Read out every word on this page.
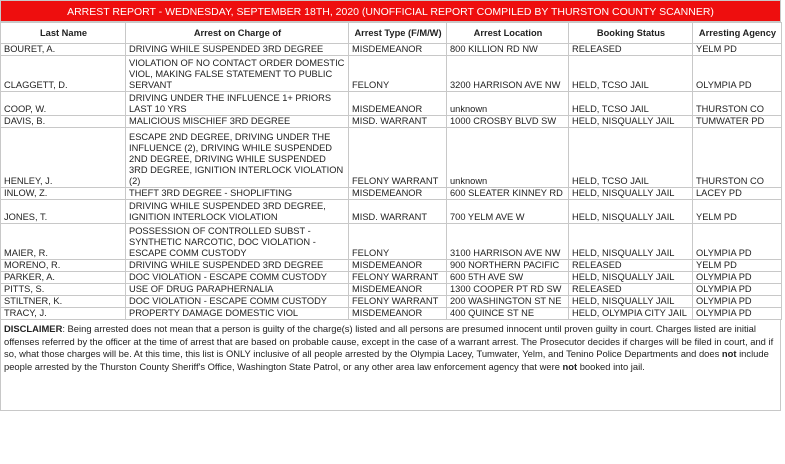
ARREST REPORT - WEDNESDAY, SEPTEMBER 18TH, 2020 (UNOFFICIAL REPORT COMPILED BY THURSTON COUNTY SCANNER)
Last Name	Arrest on Charge of	Arrest Type (F/M/W)	Arrest Location	Booking Status	Arresting Agency
BOURET, A.	DRIVING WHILE SUSPENDED 3RD DEGREE	MISDEMEANOR	800 KILLION RD NW	RELEASED	YELM PD
CLAGGETT, D.	VIOLATION OF NO CONTACT ORDER DOMESTIC VIOL, MAKING FALSE STATEMENT TO PUBLIC SERVANT	FELONY	3200 HARRISON AVE NW	HELD, TCSO JAIL	OLYMPIA PD
COOP, W.	DRIVING UNDER THE INFLUENCE 1+ PRIORS LAST 10 YRS	MISDEMEANOR	unknown	HELD, TCSO JAIL	THURSTON CO
DAVIS, B.	MALICIOUS MISCHIEF 3RD DEGREE	MISD. WARRANT	1000 CROSBY BLVD SW	HELD, NISQUALLY JAIL	TUMWATER PD
HENLEY, J.	ESCAPE 2ND DEGREE, DRIVING UNDER THE INFLUENCE (2), DRIVING WHILE SUSPENDED 2ND DEGREE, DRIVING WHILE SUSPENDED 3RD DEGREE, IGNITION INTERLOCK VIOLATION (2)	FELONY WARRANT	unknown	HELD, TCSO JAIL	THURSTON CO
INLOW, Z.	THEFT 3RD DEGREE - SHOPLIFTING	MISDEMEANOR	600 SLEATER KINNEY RD	HELD, NISQUALLY JAIL	LACEY PD
JONES, T.	DRIVING WHILE SUSPENDED 3RD DEGREE, IGNITION INTERLOCK VIOLATION	MISD. WARRANT	700 YELM AVE W	HELD, NISQUALLY JAIL	YELM PD
MAIER, R.	POSSESSION OF CONTROLLED SUBST - SYNTHETIC NARCOTIC, DOC VIOLATION - ESCAPE COMM CUSTODY	FELONY	3100 HARRISON AVE NW	HELD, NISQUALLY JAIL	OLYMPIA PD
MORENO, R.	DRIVING WHILE SUSPENDED 3RD DEGREE	MISDEMEANOR	900 NORTHERN PACIFIC	RELEASED	YELM PD
PARKER, A.	DOC VIOLATION - ESCAPE COMM CUSTODY	FELONY WARRANT	600 5TH AVE SW	HELD, NISQUALLY JAIL	OLYMPIA PD
PITTS, S.	USE OF DRUG PARAPHERNALIA	MISDEMEANOR	1300 COOPER PT RD SW	RELEASED	OLYMPIA PD
STILTNER, K.	DOC VIOLATION - ESCAPE COMM CUSTODY	FELONY WARRANT	200 WASHINGTON ST NE	HELD, NISQUALLY JAIL	OLYMPIA PD
TRACY, J.	PROPERTY DAMAGE DOMESTIC VIOL	MISDEMEANOR	400 QUINCE ST NE	HELD, OLYMPIA CITY JAIL	OLYMPIA PD
DISCLAIMER: Being arrested does not mean that a person is guilty of the charge(s) listed and all persons are presumed innocent until proven guilty in court. Charges listed are initial offenses referred by the officer at the time of arrest that are based on probable cause, except in the case of a warrant arrest. The Prosecutor decides if charges will be filed in court, and if so, what those charges will be. At this time, this list is ONLY inclusive of all people arrested by the Olympia Lacey, Tumwater, Yelm, and Tenino Police Departments and does not include people arrested by the Thurston County Sheriff's Office, Washington State Patrol, or any other area law enforcement agency that were not booked into jail.
